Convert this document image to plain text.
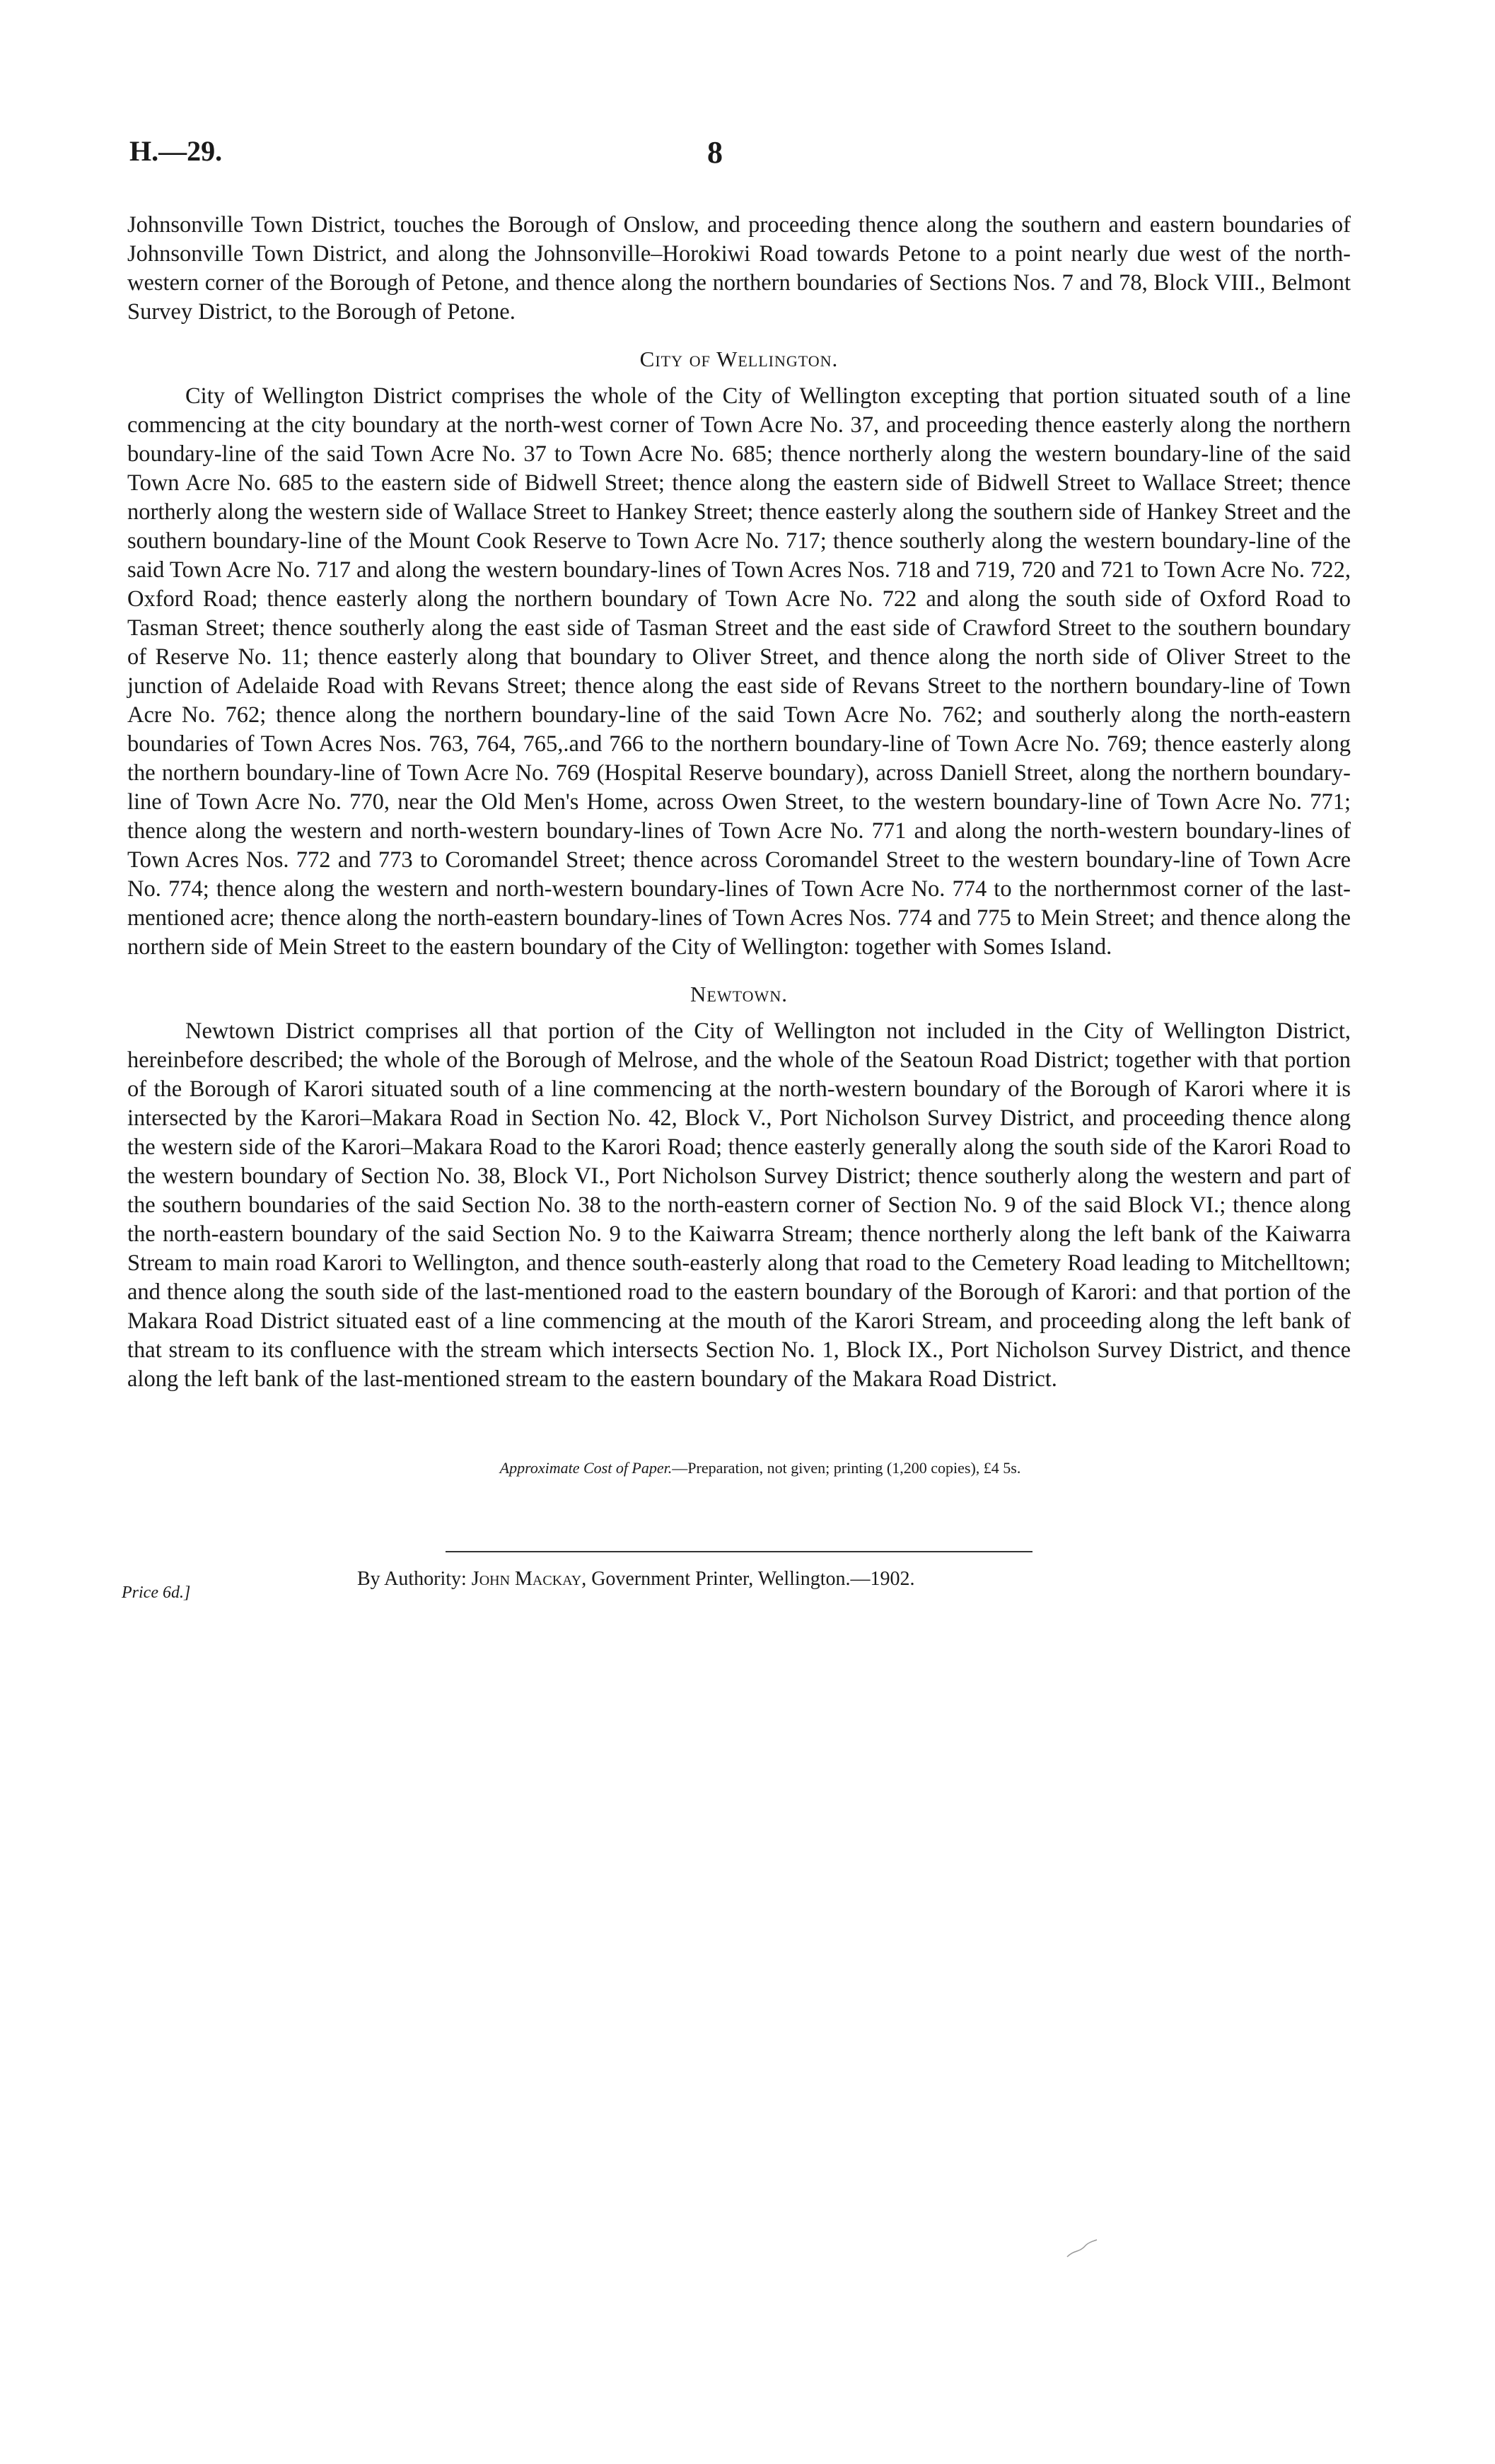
H.—29.	8

Johnsonville Town District, touches the Borough of Onslow, and proceeding thence along the southern and eastern boundaries of Johnsonville Town District, and along the Johnsonville–Horokiwi Road towards Petone to a point nearly due west of the north-western corner of the Borough of Petone, and thence along the northern boundaries of Sections Nos. 7 and 78, Block VIII., Belmont Survey District, to the Borough of Petone.

City of Wellington.

City of Wellington District comprises the whole of the City of Wellington excepting that portion situated south of a line commencing at the city boundary at the north-west corner of Town Acre No. 37, and proceeding thence easterly along the northern boundary-line of the said Town Acre No. 37 to Town Acre No. 685; thence northerly along the western boundary-line of the said Town Acre No. 685 to the eastern side of Bidwell Street; thence along the eastern side of Bidwell Street to Wallace Street; thence northerly along the western side of Wallace Street to Hankey Street; thence easterly along the southern side of Hankey Street and the southern boundary-line of the Mount Cook Reserve to Town Acre No. 717; thence southerly along the western boundary-line of the said Town Acre No. 717 and along the western boundary-lines of Town Acres Nos. 718 and 719, 720 and 721 to Town Acre No. 722, Oxford Road; thence easterly along the northern boundary of Town Acre No. 722 and along the south side of Oxford Road to Tasman Street; thence southerly along the east side of Tasman Street and the east side of Crawford Street to the southern boundary of Reserve No. 11; thence easterly along that boundary to Oliver Street, and thence along the north side of Oliver Street to the junction of Adelaide Road with Revans Street; thence along the east side of Revans Street to the northern boundary-line of Town Acre No. 762; thence along the northern boundary-line of the said Town Acre No. 762; and southerly along the north-eastern boundaries of Town Acres Nos. 763, 764, 765,.and 766 to the northern boundary-line of Town Acre No. 769; thence easterly along the northern boundary-line of Town Acre No. 769 (Hospital Reserve boundary), across Daniell Street, along the northern boundary-line of Town Acre No. 770, near the Old Men's Home, across Owen Street, to the western boundary-line of Town Acre No. 771; thence along the western and north-western boundary-lines of Town Acre No. 771 and along the north-western boundary-lines of Town Acres Nos. 772 and 773 to Coromandel Street; thence across Coromandel Street to the western boundary-line of Town Acre No. 774; thence along the western and north-western boundary-lines of Town Acre No. 774 to the northernmost corner of the last-mentioned acre; thence along the north-eastern boundary-lines of Town Acres Nos. 774 and 775 to Mein Street; and thence along the northern side of Mein Street to the eastern boundary of the City of Wellington: together with Somes Island.

Newtown.

Newtown District comprises all that portion of the City of Wellington not included in the City of Wellington District, hereinbefore described; the whole of the Borough of Melrose, and the whole of the Seatoun Road District; together with that portion of the Borough of Karori situated south of a line commencing at the north-western boundary of the Borough of Karori where it is intersected by the Karori–Makara Road in Section No. 42, Block V., Port Nicholson Survey District, and proceeding thence along the western side of the Karori–Makara Road to the Karori Road; thence easterly generally along the south side of the Karori Road to the western boundary of Section No. 38, Block VI., Port Nicholson Survey District; thence southerly along the western and part of the southern boundaries of the said Section No. 38 to the north-eastern corner of Section No. 9 of the said Block VI.; thence along the north-eastern boundary of the said Section No. 9 to the Kaiwarra Stream; thence northerly along the left bank of the Kaiwarra Stream to main road Karori to Wellington, and thence south-easterly along that road to the Cemetery Road leading to Mitchelltown; and thence along the south side of the last-mentioned road to the eastern boundary of the Borough of Karori: and that portion of the Makara Road District situated east of a line commencing at the mouth of the Karori Stream, and proceeding along the left bank of that stream to its confluence with the stream which intersects Section No. 1, Block IX., Port Nicholson Survey District, and thence along the left bank of the last-mentioned stream to the eastern boundary of the Makara Road District.

Approximate Cost of Paper.—Preparation, not given; printing (1,200 copies), £4 5s.
Price 6d.]
By Authority: John Mackay, Government Printer, Wellington.—1902.
